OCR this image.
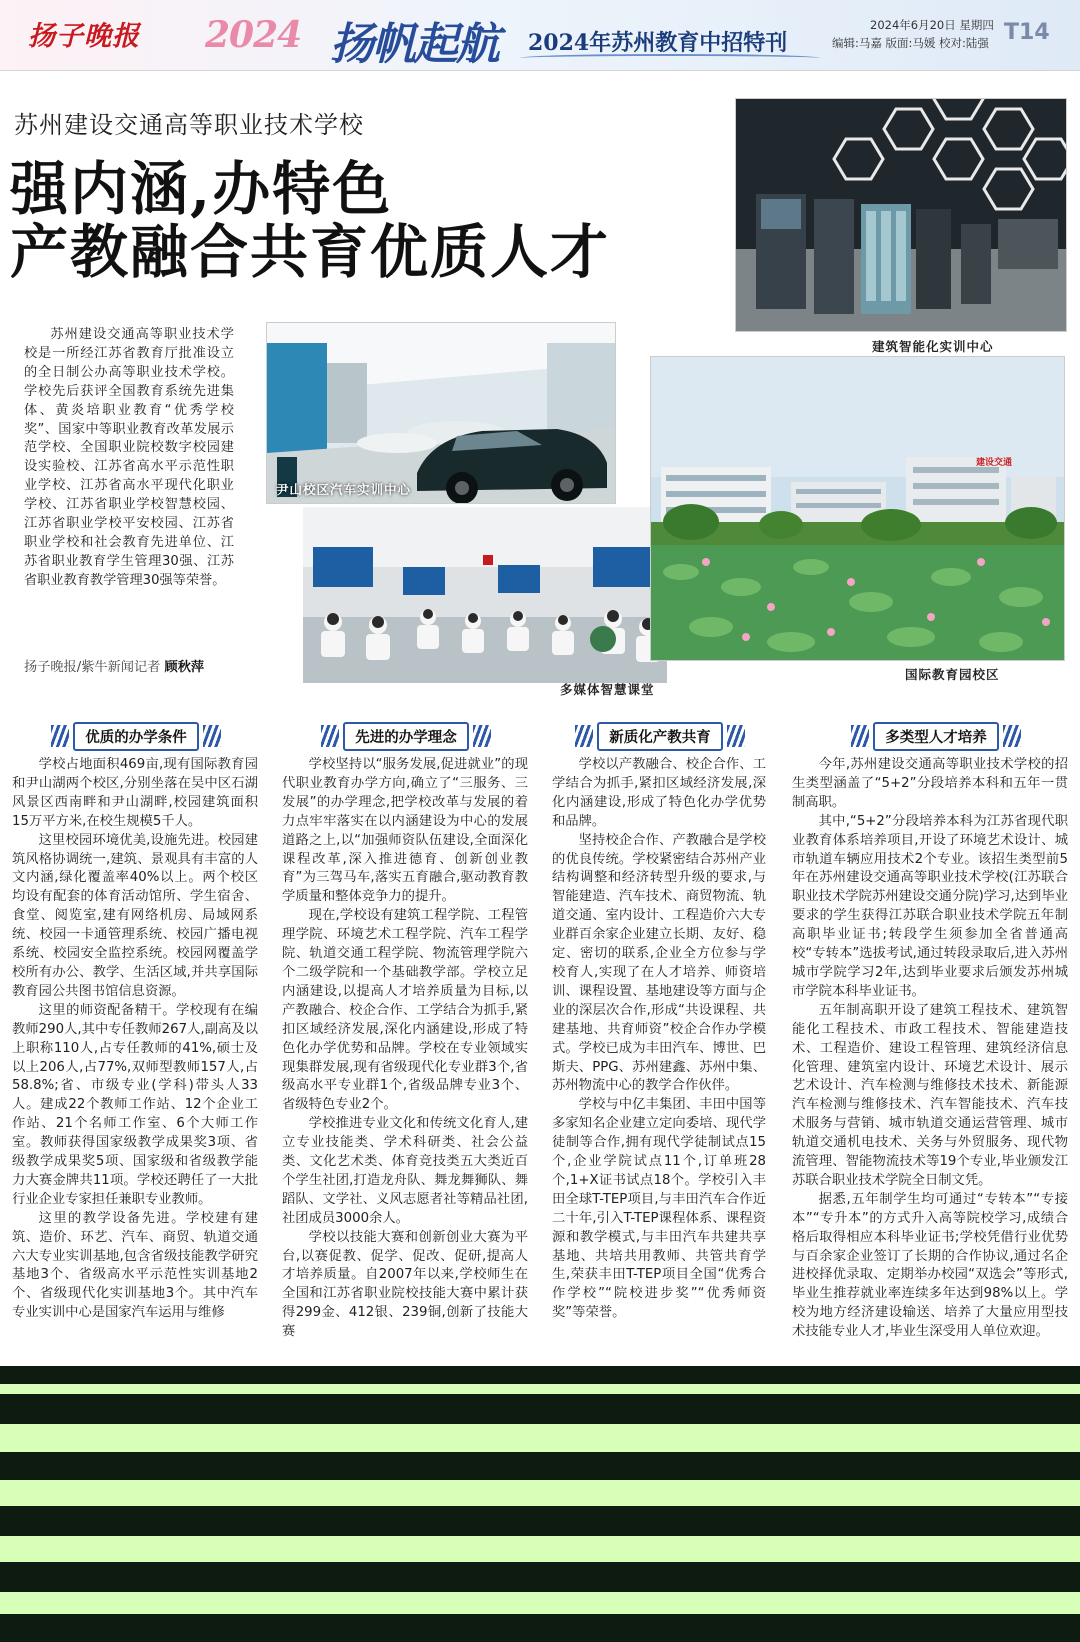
扬子晚报 2024 扬帆起航 2024年苏州教育中招特刊
2024年6月20日 星期四
编辑:马嘉 版面:马媛 校对:陆强 T14
苏州建设交通高等职业技术学校
强内涵,办特色
产教融合共育优质人才
建筑智能化实训中心
尹山校区汽车实训中心
多媒体智慧课堂
建设交通
国际教育园校区

苏州建设交通高等职业技术学校是一所经江苏省教育厅批准设立的全日制公办高等职业技术学校。学校先后获评全国教育系统先进集体、黄炎培职业教育“优秀学校奖”、国家中等职业教育改革发展示范学校、全国职业院校数字校园建设实验校、江苏省高水平示范性职业学校、江苏省高水平现代化职业学校、江苏省职业学校智慧校园、江苏省职业学校平安校园、江苏省职业学校和社会教育先进单位、江苏省职业教育学生管理30强、江苏省职业教育教学管理30强等荣誉。

扬子晚报/紫牛新闻记者 顾秋萍
优质的办学条件

学校占地面积469亩,现有国际教育园和尹山湖两个校区,分别坐落在吴中区石湖风景区西南畔和尹山湖畔,校园建筑面积15万平方米,在校生规模5千人。

这里校园环境优美,设施先进。校园建筑风格协调统一,建筑、景观具有丰富的人文内涵,绿化覆盖率40%以上。两个校区均设有配套的体育活动馆所、学生宿舍、食堂、阅览室,建有网络机房、局域网系统、校园一卡通管理系统、校园广播电视系统、校园安全监控系统。校园网覆盖学校所有办公、教学、生活区域,并共享国际教育园公共图书馆信息资源。

这里的师资配备精干。学校现有在编教师290人,其中专任教师267人,副高及以上职称110人,占专任教师的41%,硕士及以上206人,占77%,双师型教师157人,占58.8%;省、市级专业(学科)带头人33人。建成22个教师工作站、12个企业工作站、21个名师工作室、6个大师工作室。教师获得国家级教学成果奖3项、省级教学成果奖5项、国家级和省级教学能力大赛金牌共11项。学校还聘任了一大批行业企业专家担任兼职专业教师。

这里的教学设备先进。学校建有建筑、造价、环艺、汽车、商贸、轨道交通六大专业实训基地,包含省级技能教学研究基地3个、省级高水平示范性实训基地2个、省级现代化实训基地3个。其中汽车专业实训中心是国家汽车运用与维修

先进的办学理念

学校坚持以“服务发展,促进就业”的现代职业教育办学方向,确立了“三服务、三发展”的办学理念,把学校改革与发展的着力点牢牢落实在以内涵建设为中心的发展道路之上,以“加强师资队伍建设,全面深化课程改革,深入推进德育、创新创业教育”为三驾马车,落实五育融合,驱动教育教学质量和整体竞争力的提升。

现在,学校设有建筑工程学院、工程管理学院、环境艺术工程学院、汽车工程学院、轨道交通工程学院、物流管理学院六个二级学院和一个基础教学部。学校立足内涵建设,以提高人才培养质量为目标,以产教融合、校企合作、工学结合为抓手,紧扣区域经济发展,深化内涵建设,形成了特色化办学优势和品牌。学校在专业领域实现集群发展,现有省级现代化专业群3个,省级高水平专业群1个,省级品牌专业3个、省级特色专业2个。

学校推进专业文化和传统文化育人,建立专业技能类、学术科研类、社会公益类、文化艺术类、体育竞技类五大类近百个学生社团,打造龙舟队、舞龙舞狮队、舞蹈队、文学社、义风志愿者社等精品社团,社团成员3000余人。

学校以技能大赛和创新创业大赛为平台,以赛促教、促学、促改、促研,提高人才培养质量。自2007年以来,学校师生在全国和江苏省职业院校技能大赛中累计获得299金、412银、239铜,创新了技能大赛

新质化产教共育

学校以产教融合、校企合作、工学结合为抓手,紧扣区域经济发展,深化内涵建设,形成了特色化办学优势和品牌。

坚持校企合作、产教融合是学校的优良传统。学校紧密结合苏州产业结构调整和经济转型升级的要求,与智能建造、汽车技术、商贸物流、轨道交通、室内设计、工程造价六大专业群百余家企业建立长期、友好、稳定、密切的联系,企业全方位参与学校育人,实现了在人才培养、师资培训、课程设置、基地建设等方面与企业的深层次合作,形成“共设课程、共建基地、共育师资”校企合作办学模式。学校已成为丰田汽车、博世、巴斯夫、PPG、苏州建鑫、苏州中集、苏州物流中心的教学合作伙伴。

学校与中亿丰集团、丰田中国等多家知名企业建立定向委培、现代学徒制等合作,拥有现代学徒制试点15个,企业学院试点11个,订单班28个,1+X证书试点18个。学校引入丰田全球T-TEP项目,与丰田汽车合作近二十年,引入T-TEP课程体系、课程资源和教学模式,与丰田汽车共建共享基地、共培共用教师、共管共育学生,荣获丰田T-TEP项目全国“优秀合作学校”“院校进步奖”“优秀师资奖”等荣誉。

多类型人才培养

今年,苏州建设交通高等职业技术学校的招生类型涵盖了“5+2”分段培养本科和五年一贯制高职。

其中,“5+2”分段培养本科为江苏省现代职业教育体系培养项目,开设了环境艺术设计、城市轨道车辆应用技术2个专业。该招生类型前5年在苏州建设交通高等职业技术学校(江苏联合职业技术学院苏州建设交通分院)学习,达到毕业要求的学生获得江苏联合职业技术学院五年制高职毕业证书;转段学生须参加全省普通高校“专转本”选拔考试,通过转段录取后,进入苏州城市学院学习2年,达到毕业要求后颁发苏州城市学院本科毕业证书。

五年制高职开设了建筑工程技术、建筑智能化工程技术、市政工程技术、智能建造技术、工程造价、建设工程管理、建筑经济信息化管理、建筑室内设计、环境艺术设计、展示艺术设计、汽车检测与维修技术技术、新能源汽车检测与维修技术、汽车智能技术、汽车技术服务与营销、城市轨道交通运营管理、城市轨道交通机电技术、关务与外贸服务、现代物流管理、智能物流技术等19个专业,毕业颁发江苏联合职业技术学院全日制文凭。

据悉,五年制学生均可通过“专转本”“专接本”“专升本”的方式升入高等院校学习,成绩合格后取得相应本科毕业证书;学校凭借行业优势与百余家企业签订了长期的合作协议,通过名企进校择优录取、定期举办校园“双选会”等形式,毕业生推荐就业率连续多年达到98%以上。学校为地方经济建设输送、培养了大量应用型技术技能专业人才,毕业生深受用人单位欢迎。
